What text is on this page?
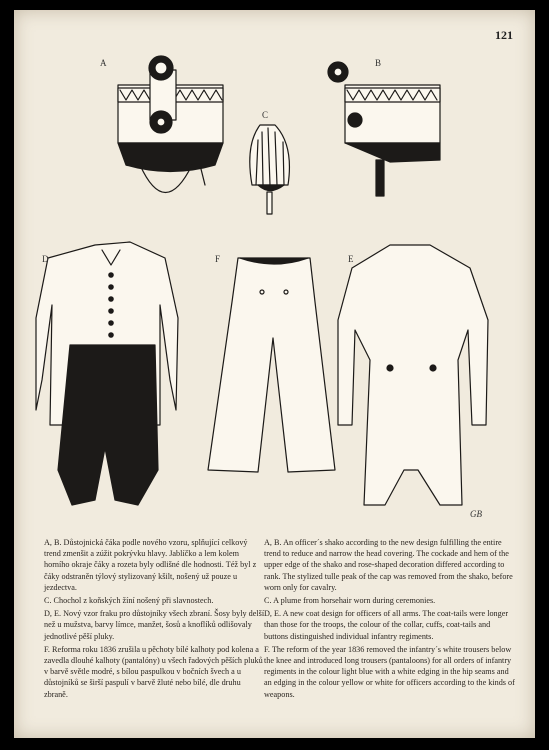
121
A	B
C
D	F	E
GB

A, B. Důstojnická čáka podle nového vzoru, splňující celkový trend zmenšit a zúžit pokrývku hlavy. Jablíčko a lem kolem horního okraje čáky a rozeta byly odlišné dle hodnosti. Též byl z čáky odstraněn týlový stylizovaný kšilt, nošený už pouze u jezdectva.

C. Chochol z koňských žíní nošený při slavnostech.

D, E. Nový vzor fraku pro důstojníky všech zbraní. Šosy byly delší než u mužstva, barvy límce, manžet, šosů a knoflíků odlišovaly jednotlivé pěší pluky.

F. Reforma roku 1836 zrušila u pěchoty bílé kalhoty pod kolena a zavedla dlouhé kalhoty (pantalóny) u všech řadových pěších pluků v barvě světle modré, s bílou paspulkou v bočních švech a u důstojníků se širší paspulí v barvě žluté nebo bílé, dle druhu zbraně.

A, B. An officer´s shako according to the new design fulfilling the entire trend to reduce and narrow the head covering. The cockade and hem of the upper edge of the shako and rose-shaped decoration differed according to rank. The stylized tulle peak of the cap was removed from the shako, before worn only for cavalry.

C. A plume from horsehair worn during ceremonies.

D, E. A new coat design for officers of all arms. The coat-tails were longer than those for the troops, the colour of the collar, cuffs, coat-tails and buttons distinguished individual infantry regiments.

F. The reform of the year 1836 removed the infantry´s white trousers below the knee and introduced long trousers (pantaloons) for all orders of infantry regiments in the colour light blue with a white edging in the hip seams and an edging in the colour yellow or white for officers according to the kinds of weapons.
